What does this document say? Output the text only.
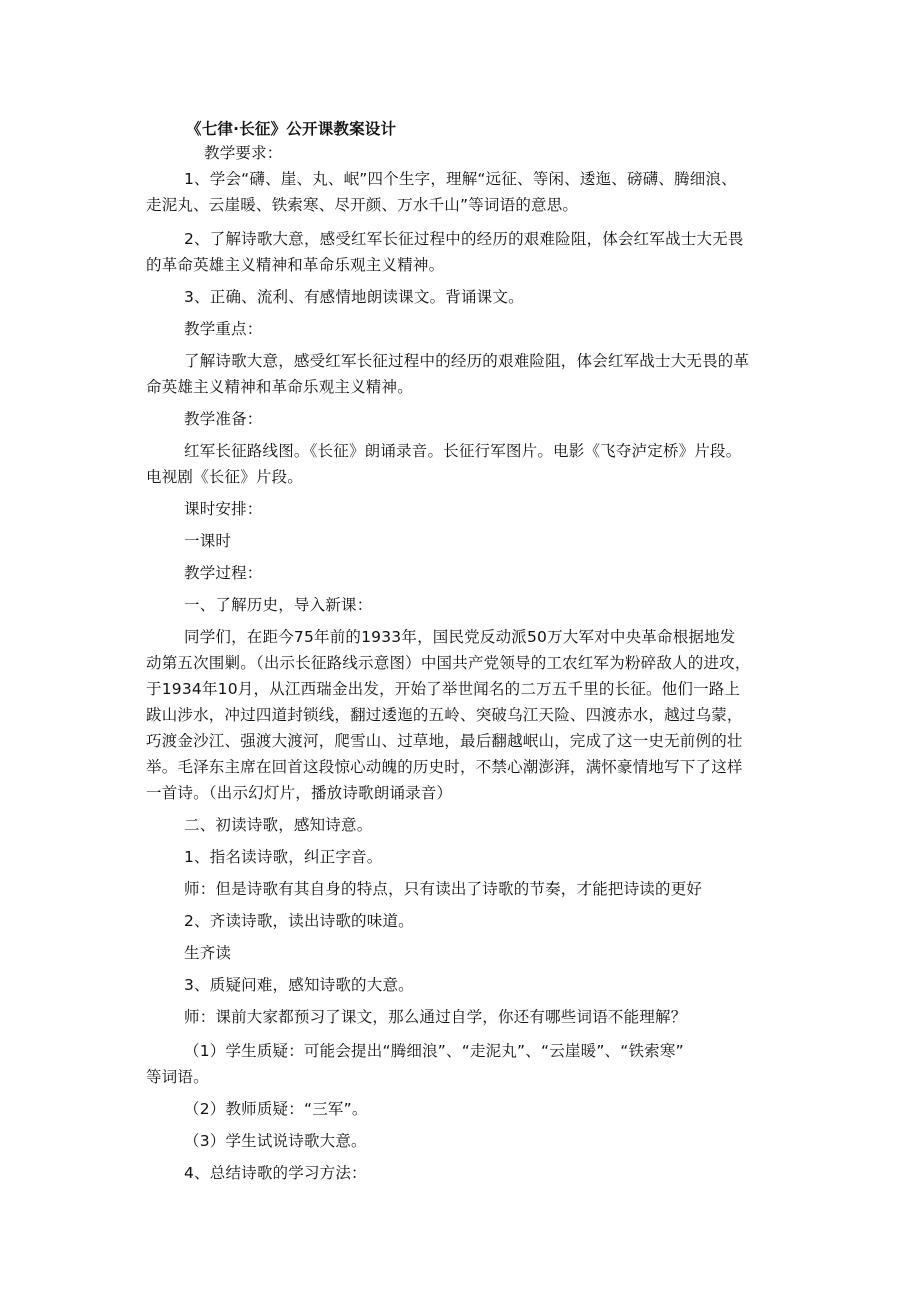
《七律·长征》公开课教案设计
教学要求：
1、学会“礴、崖、丸、岷”四个生字，理解“远征、等闲、逶迤、磅礴、腾细浪、
走泥丸、云崖暖、铁索寒、尽开颜、万水千山”等词语的意思。
2、了解诗歌大意，感受红军长征过程中的经历的艰难险阻，体会红军战士大无畏
的革命英雄主义精神和革命乐观主义精神。
3、正确、流利、有感情地朗读课文。背诵课文。
教学重点：
了解诗歌大意，感受红军长征过程中的经历的艰难险阻，体会红军战士大无畏的革
命英雄主义精神和革命乐观主义精神。
教学准备：
红军长征路线图。《长征》朗诵录音。长征行军图片。电影《飞夺泸定桥》片段。
电视剧《长征》片段。
课时安排：
一课时
教学过程：
一、了解历史，导入新课：
同学们，在距今75年前的1933年，国民党反动派50万大军对中央革命根据地发
动第五次围剿。（出示长征路线示意图）中国共产党领导的工农红军为粉碎敌人的进攻，
于1934年10月，从江西瑞金出发，开始了举世闻名的二万五千里的长征。他们一路上
跋山涉水，冲过四道封锁线，翻过逶迤的五岭、突破乌江天险、四渡赤水，越过乌蒙，
巧渡金沙江、强渡大渡河，爬雪山、过草地，最后翻越岷山，完成了这一史无前例的壮
举。毛泽东主席在回首这段惊心动魄的历史时，不禁心潮澎湃，满怀豪情地写下了这样
一首诗。（出示幻灯片，播放诗歌朗诵录音）
二、初读诗歌，感知诗意。
1、指名读诗歌，纠正字音。
师：但是诗歌有其自身的特点，只有读出了诗歌的节奏，才能把诗读的更好
2、齐读诗歌，读出诗歌的味道。
生齐读
3、质疑问难，感知诗歌的大意。
师：课前大家都预习了课文，那么通过自学，你还有哪些词语不能理解？
（1）学生质疑：可能会提出“腾细浪”、“走泥丸”、“云崖暖”、“铁索寒”
等词语。
（2）教师质疑：“三军”。
（3）学生试说诗歌大意。
4、总结诗歌的学习方法：
